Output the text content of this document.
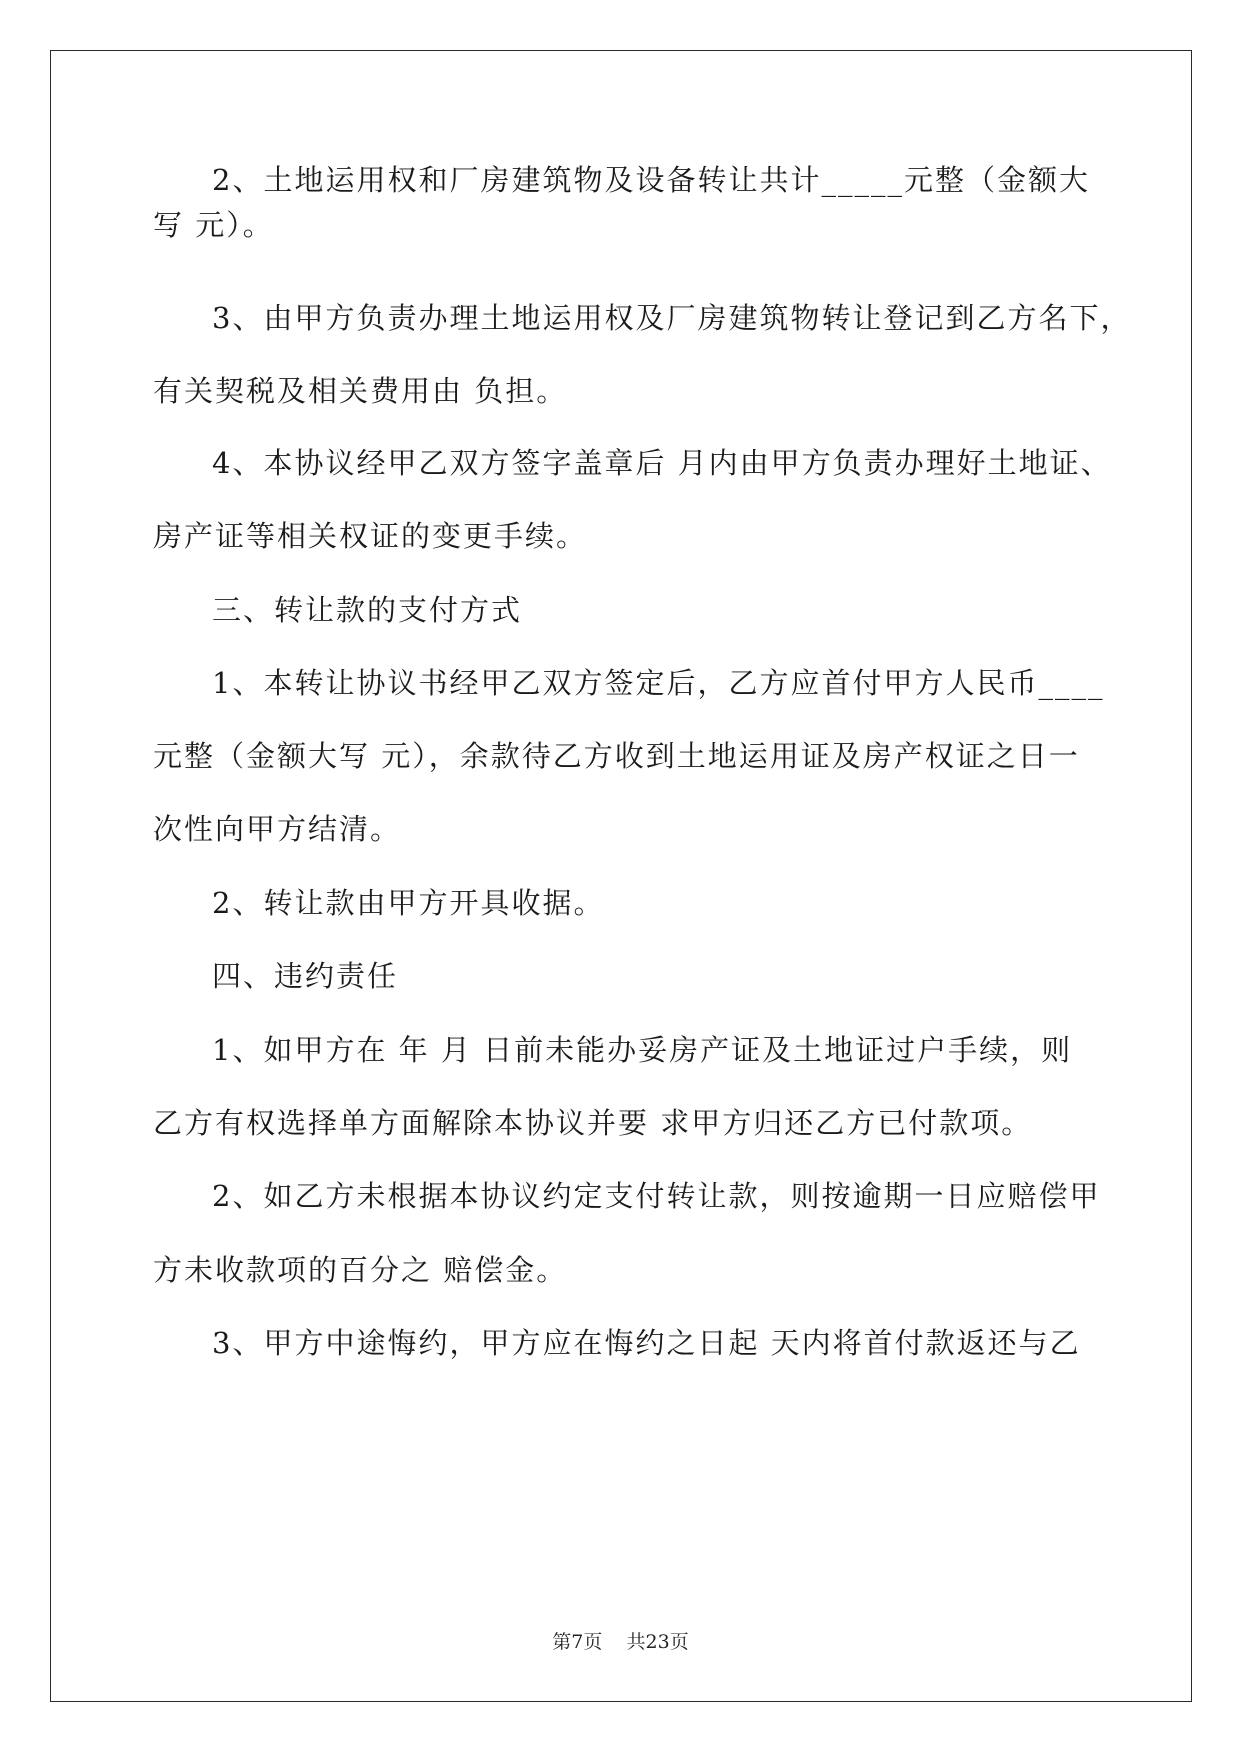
2、土地运用权和厂房建筑物及设备转让共计_____元整（金额大
写 元）。
3、由甲方负责办理土地运用权及厂房建筑物转让登记到乙方名下，
有关契税及相关费用由 负担。
4、本协议经甲乙双方签字盖章后 月内由甲方负责办理好土地证、
房产证等相关权证的变更手续。
三、转让款的支付方式
1、本转让协议书经甲乙双方签定后，乙方应首付甲方人民币____
元整（金额大写 元），余款待乙方收到土地运用证及房产权证之日一
次性向甲方结清。
2、转让款由甲方开具收据。
四、违约责任
1、如甲方在 年 月 日前未能办妥房产证及土地证过户手续，则
乙方有权选择单方面解除本协议并要 求甲方归还乙方已付款项。
2、如乙方未根据本协议约定支付转让款，则按逾期一日应赔偿甲
方未收款项的百分之 赔偿金。
3、甲方中途悔约，甲方应在悔约之日起 天内将首付款返还与乙
第7页    共23页
